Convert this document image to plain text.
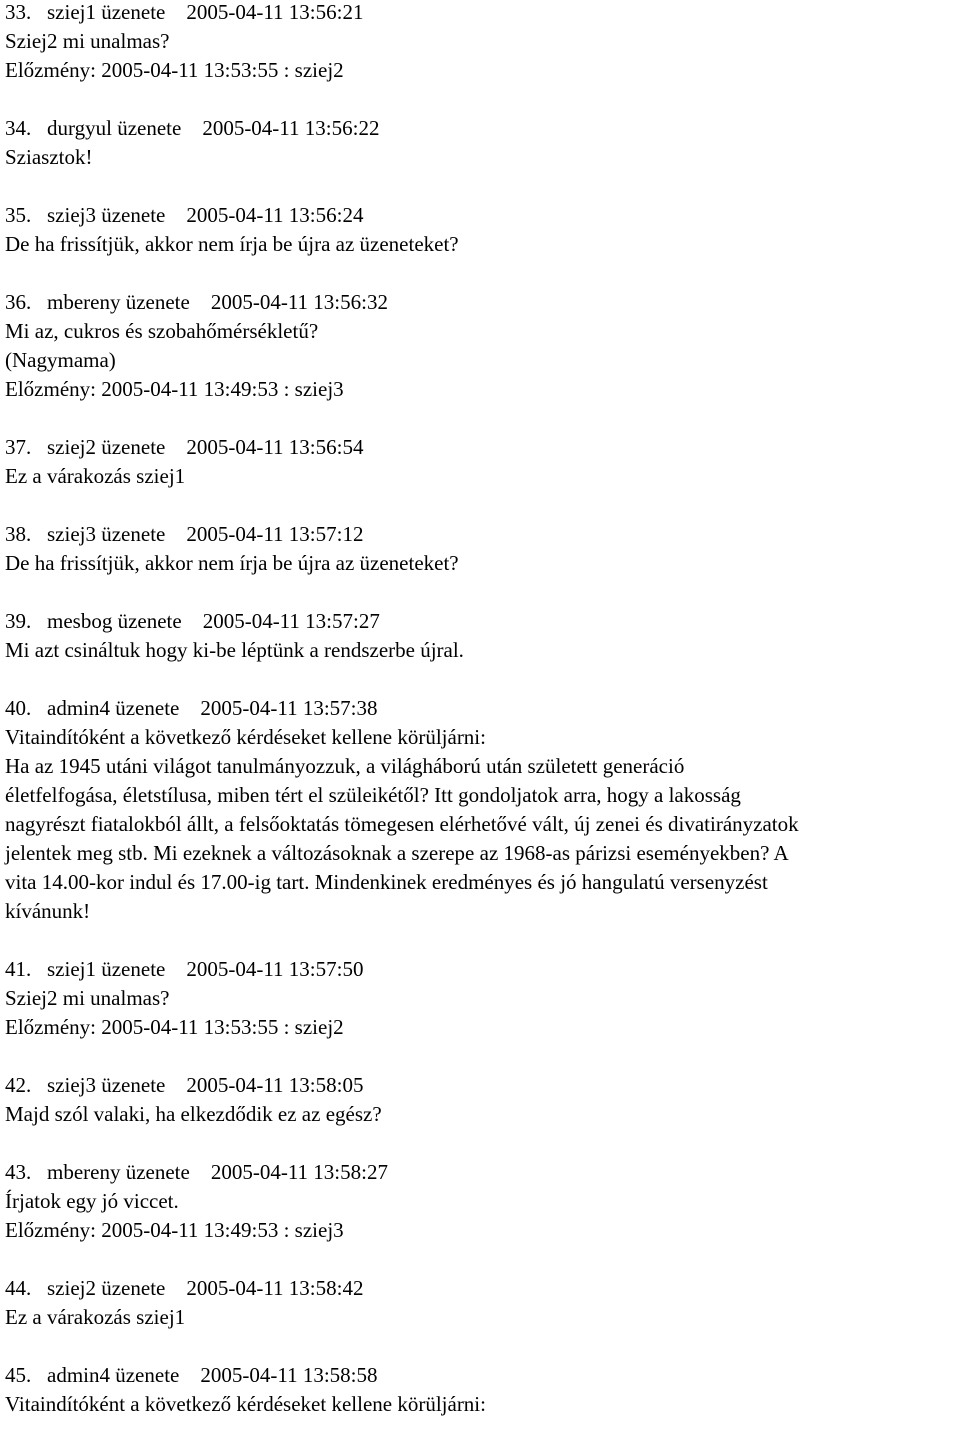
33.   sziej1 üzenete    2005-04-11 13:56:21
Sziej2 mi unalmas?
Előzmény: 2005-04-11 13:53:55 : sziej2
34.   durgyul üzenete    2005-04-11 13:56:22
Sziasztok!
35.   sziej3 üzenete    2005-04-11 13:56:24
De ha frissítjük, akkor nem írja be újra az üzeneteket?
36.   mbereny üzenete    2005-04-11 13:56:32
Mi az, cukros és szobahőmérsékletű?
(Nagymama)
Előzmény: 2005-04-11 13:49:53 : sziej3
37.   sziej2 üzenete    2005-04-11 13:56:54
Ez a várakozás sziej1
38.   sziej3 üzenete    2005-04-11 13:57:12
De ha frissítjük, akkor nem írja be újra az üzeneteket?
39.   mesbog üzenete    2005-04-11 13:57:27
Mi azt csináltuk hogy ki-be léptünk a rendszerbe újral.
40.   admin4 üzenete    2005-04-11 13:57:38
Vitaindítóként a következő kérdéseket kellene körüljárni:
Ha az 1945 utáni világot tanulmányozzuk, a világháború után született generáció
életfelfogása, életstílusa, miben tért el szüleikétől? Itt gondoljatok arra, hogy a lakosság
nagyrészt fiatalokból állt, a felsőoktatás tömegesen elérhetővé vált, új zenei és divatirányzatok
jelentek meg stb. Mi ezeknek a változásoknak a szerepe az 1968-as párizsi eseményekben? A
vita 14.00-kor indul és 17.00-ig tart. Mindenkinek eredményes és jó hangulatú versenyzést
kívánunk!
41.   sziej1 üzenete    2005-04-11 13:57:50
Sziej2 mi unalmas?
Előzmény: 2005-04-11 13:53:55 : sziej2
42.   sziej3 üzenete    2005-04-11 13:58:05
Majd szól valaki, ha elkezdődik ez az egész?
43.   mbereny üzenete    2005-04-11 13:58:27
Írjatok egy jó viccet.
Előzmény: 2005-04-11 13:49:53 : sziej3
44.   sziej2 üzenete    2005-04-11 13:58:42
Ez a várakozás sziej1
45.   admin4 üzenete    2005-04-11 13:58:58
Vitaindítóként a következő kérdéseket kellene körüljárni:
